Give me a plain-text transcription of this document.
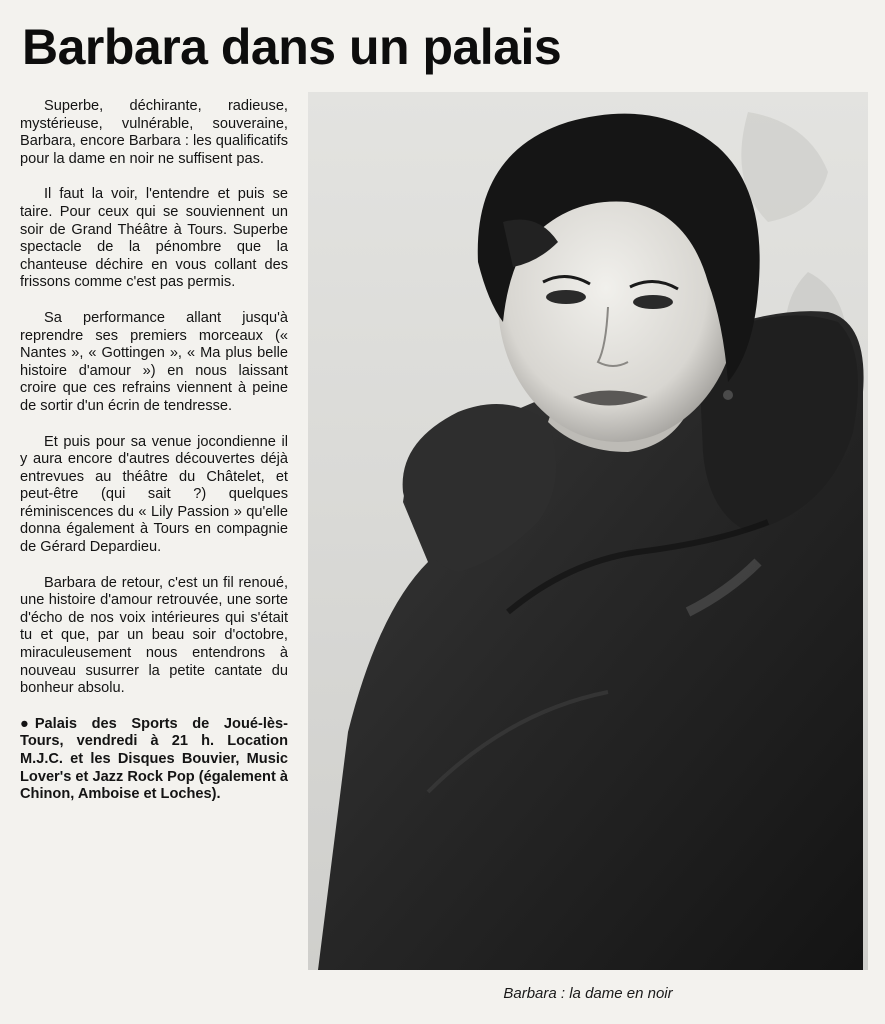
Barbara dans un palais

Superbe, déchirante, radieuse, mystérieuse, vulnérable, souveraine, Barbara, encore Barbara : les qualificatifs pour la dame en noir ne suffisent pas.

Il faut la voir, l'entendre et puis se taire. Pour ceux qui se souviennent un soir de Grand Théâtre à Tours. Superbe spectacle de la pénombre que la chanteuse déchire en vous collant des frissons comme c'est pas permis.

Sa performance allant jusqu'à reprendre ses premiers morceaux (« Nantes », « Gottingen », « Ma plus belle histoire d'amour ») en nous laissant croire que ces refrains viennent à peine de sortir d'un écrin de tendresse.

Et puis pour sa venue jocondienne il y aura encore d'autres découvertes déjà entrevues au théâtre du Châtelet, et peut-être (qui sait ?) quelques réminiscences du « Lily Passion » qu'elle donna également à Tours en compagnie de Gérard Depardieu.

Barbara de retour, c'est un fil renoué, une histoire d'amour retrouvée, une sorte d'écho de nos voix intérieures qui s'était tu et que, par un beau soir d'octobre, miraculeusement nous entendrons à nouveau susurrer la petite cantate du bonheur absolu.

● Palais des Sports de Joué-lès-Tours, vendredi à 21 h. Location M.J.C. et les Disques Bouvier, Music Lover's et Jazz Rock Pop (également à Chinon, Amboise et Loches).

Barbara : la dame en noir
